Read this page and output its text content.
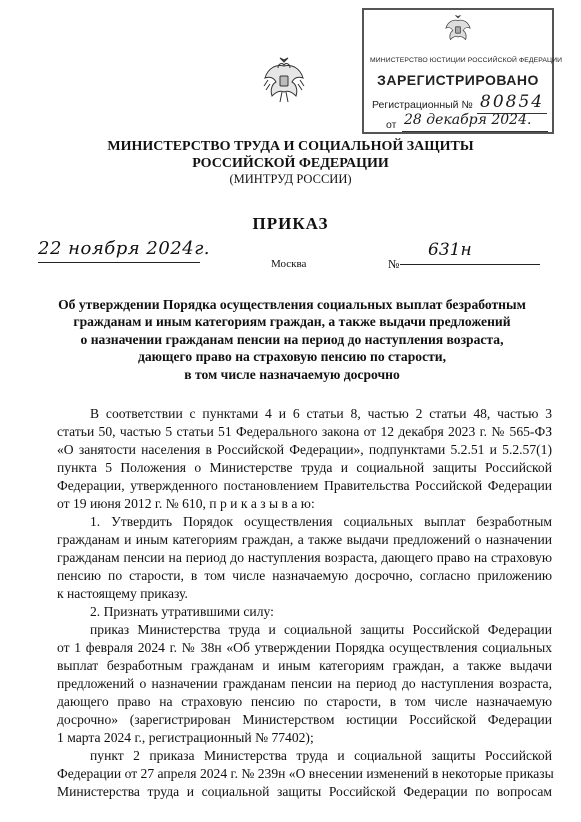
МИНИСТЕРСТВО ЮСТИЦИИ РОССИЙСКОЙ ФЕДЕРАЦИИ
ЗАРЕГИСТРИРОВАНО
Регистрационный № 80854
от 28 декабря 2024.
МИНИСТЕРСТВО ТРУДА И СОЦИАЛЬНОЙ ЗАЩИТЫ
РОССИЙСКОЙ ФЕДЕРАЦИИ
(МИНТРУД РОССИИ)
ПРИКАЗ
22 ноября 2024г.
Москва	№
631н
Об утверждении Порядка осуществления социальных выплат безработным
гражданам и иным категориям граждан, а также выдачи предложений
о назначении гражданам пенсии на период до наступления возраста,
дающего право на страховую пенсию по старости,
в том числе назначаемую досрочно
В соответствии с пунктами 4 и 6 статьи 8, частью 2 статьи 48, частью 3
статьи 50, частью 5 статьи 51 Федерального закона от 12 декабря 2023 г. № 565-ФЗ
«О занятости населения в Российской Федерации», подпунктами 5.2.51 и 5.2.57(1)
пункта 5 Положения о Министерстве труда и социальной защиты Российской
Федерации, утвержденного постановлением Правительства Российской Федерации
от 19 июня 2012 г. № 610, п р и к а з ы в а ю:
1. Утвердить Порядок осуществления социальных выплат безработным
гражданам и иным категориям граждан, а также выдачи предложений о назначении
гражданам пенсии на период до наступления возраста, дающего право на страховую
пенсию по старости, в том числе назначаемую досрочно, согласно приложению
к настоящему приказу.
2. Признать утратившими силу:
приказ Министерства труда и социальной защиты Российской Федерации
от 1 февраля 2024 г. № 38н «Об утверждении Порядка осуществления социальных
выплат безработным гражданам и иным категориям граждан, а также выдачи
предложений о назначении гражданам пенсии на период до наступления возраста,
дающего право на страховую пенсию по старости, в том числе назначаемую
досрочно» (зарегистрирован Министерством юстиции Российской Федерации
1 марта 2024 г., регистрационный № 77402);
пункт 2 приказа Министерства труда и социальной защиты Российской
Федерации от 27 апреля 2024 г. № 239н «О внесении изменений в некоторые приказы
Министерства труда и социальной защиты Российской Федерации по вопросам
